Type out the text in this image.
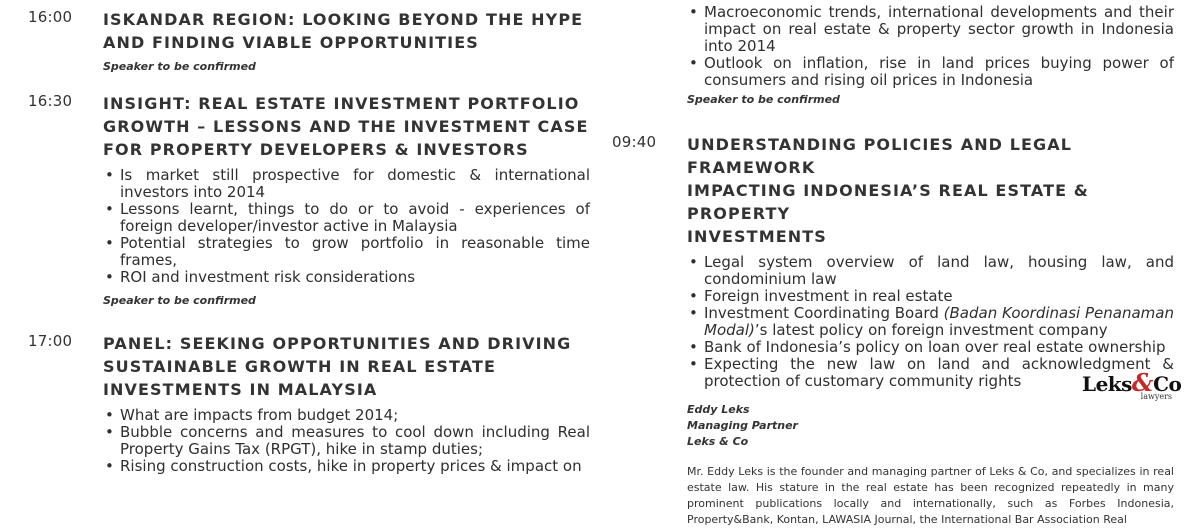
16:00 ISKANDAR REGION: LOOKING BEYOND THE HYPE
AND FINDING VIABLE OPPORTUNITIES
Speaker to be confirmed
16:30 INSIGHT: REAL ESTATE INVESTMENT PORTFOLIO
GROWTH – LESSONS AND THE INVESTMENT CASE
FOR PROPERTY DEVELOPERS & INVESTORS
• Is market still prospective for domestic & international investors into 2014
• Lessons learnt, things to do or to avoid - experiences of foreign developer/investor active in Malaysia
• Potential strategies to grow portfolio in reasonable time frames,
• ROI and investment risk considerations
Speaker to be confirmed
17:00 PANEL: SEEKING OPPORTUNITIES AND DRIVING
SUSTAINABLE GROWTH IN REAL ESTATE
INVESTMENTS IN MALAYSIA
• What are impacts from budget 2014;
• Bubble concerns and measures to cool down including Real Property Gains Tax (RPGT), hike in stamp duties;
• Rising construction costs, hike in property prices & impact on
• Macroeconomic trends, international developments and their impact on real estate & property sector growth in Indonesia into 2014
• Outlook on inflation, rise in land prices buying power of consumers and rising oil prices in Indonesia
Speaker to be confirmed
09:40 UNDERSTANDING POLICIES AND LEGAL FRAMEWORK
IMPACTING INDONESIA’S REAL ESTATE & PROPERTY
INVESTMENTS
• Legal system overview of land law, housing law, and condominium law
• Foreign investment in real estate
• Investment Coordinating Board (Badan Koordinasi Penanaman Modal)’s latest policy on foreign investment company
• Bank of Indonesia’s policy on loan over real estate ownership
• Expecting the new law on land and acknowledgment & protection of customary community rights
Eddy Leks
Managing Partner
Leks & Co
Mr. Eddy Leks is the founder and managing partner of Leks & Co, and specializes in real estate law. His stature in the real estate has been recognized repeatedly in many prominent publications locally and internationally, such as Forbes Indonesia, Property&Bank, Kontan, LAWASIA Journal, the International Bar Association Real
Leks&Co
lawyers
